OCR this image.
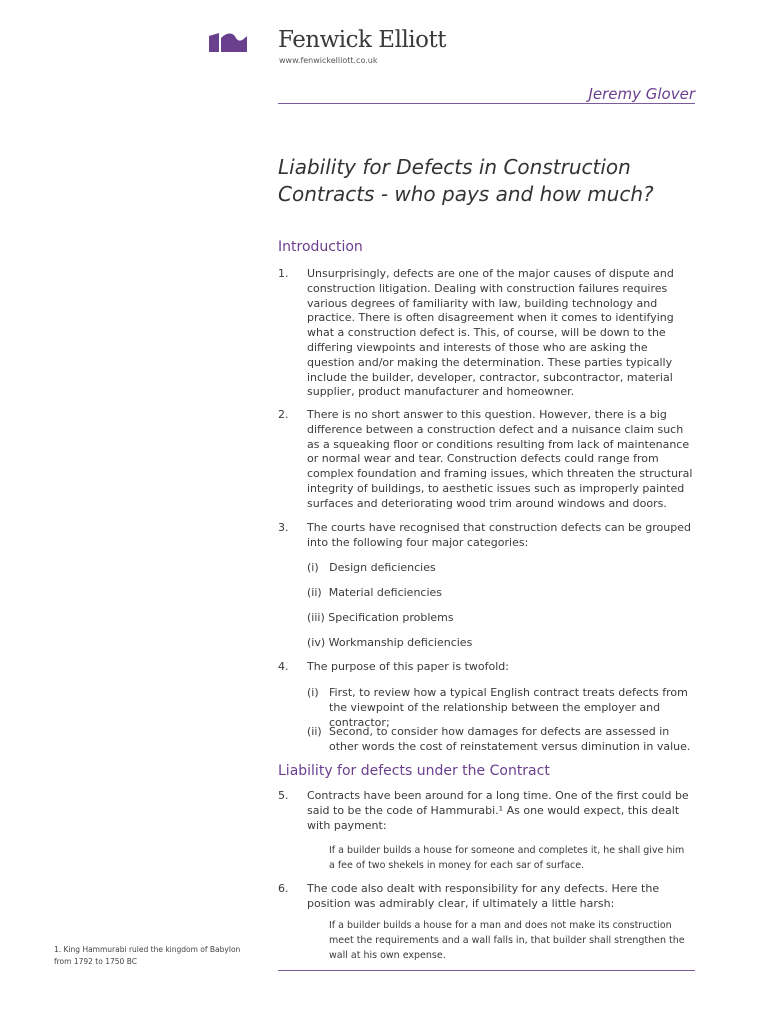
Fenwick Elliott
www.fenwickelliott.co.uk
Jeremy Glover
Liability for Defects in Construction
Contracts - who pays and how much?
Introduction
1. Unsurprisingly, defects are one of the major causes of dispute and construction litigation. Dealing with construction failures requires various degrees of familiarity with law, building technology and practice. There is often disagreement when it comes to identifying what a construction defect is. This, of course, will be down to the differing viewpoints and interests of those who are asking the question and/or making the determination. These parties typically include the builder, developer, contractor, subcontractor, material supplier, product manufacturer and homeowner.
2. There is no short answer to this question. However, there is a big difference between a construction defect and a nuisance claim such as a squeaking floor or conditions resulting from lack of maintenance or normal wear and tear. Construction defects could range from complex foundation and framing issues, which threaten the structural integrity of buildings, to aesthetic issues such as improperly painted surfaces and deteriorating wood trim around windows and doors.
3. The courts have recognised that construction defects can be grouped into the following four major categories:
(i) Design deficiencies
(ii) Material deficiencies
(iii) Specification problems
(iv) Workmanship deficiencies
4. The purpose of this paper is twofold:
(i) First, to review how a typical English contract treats defects from the viewpoint of the relationship between the employer and contractor;
(ii) Second, to consider how damages for defects are assessed in other words the cost of reinstatement versus diminution in value.
Liability for defects under the Contract
5. Contracts have been around for a long time. One of the first could be said to be the code of Hammurabi.¹ As one would expect, this dealt with payment:
If a builder builds a house for someone and completes it, he shall give him a fee of two shekels in money for each sar of surface.
6. The code also dealt with responsibility for any defects. Here the position was admirably clear, if ultimately a little harsh:
If a builder builds a house for a man and does not make its construction meet the requirements and a wall falls in, that builder shall strengthen the wall at his own expense.
1. King Hammurabi ruled the kingdom of Babylon from 1792 to 1750 BC
